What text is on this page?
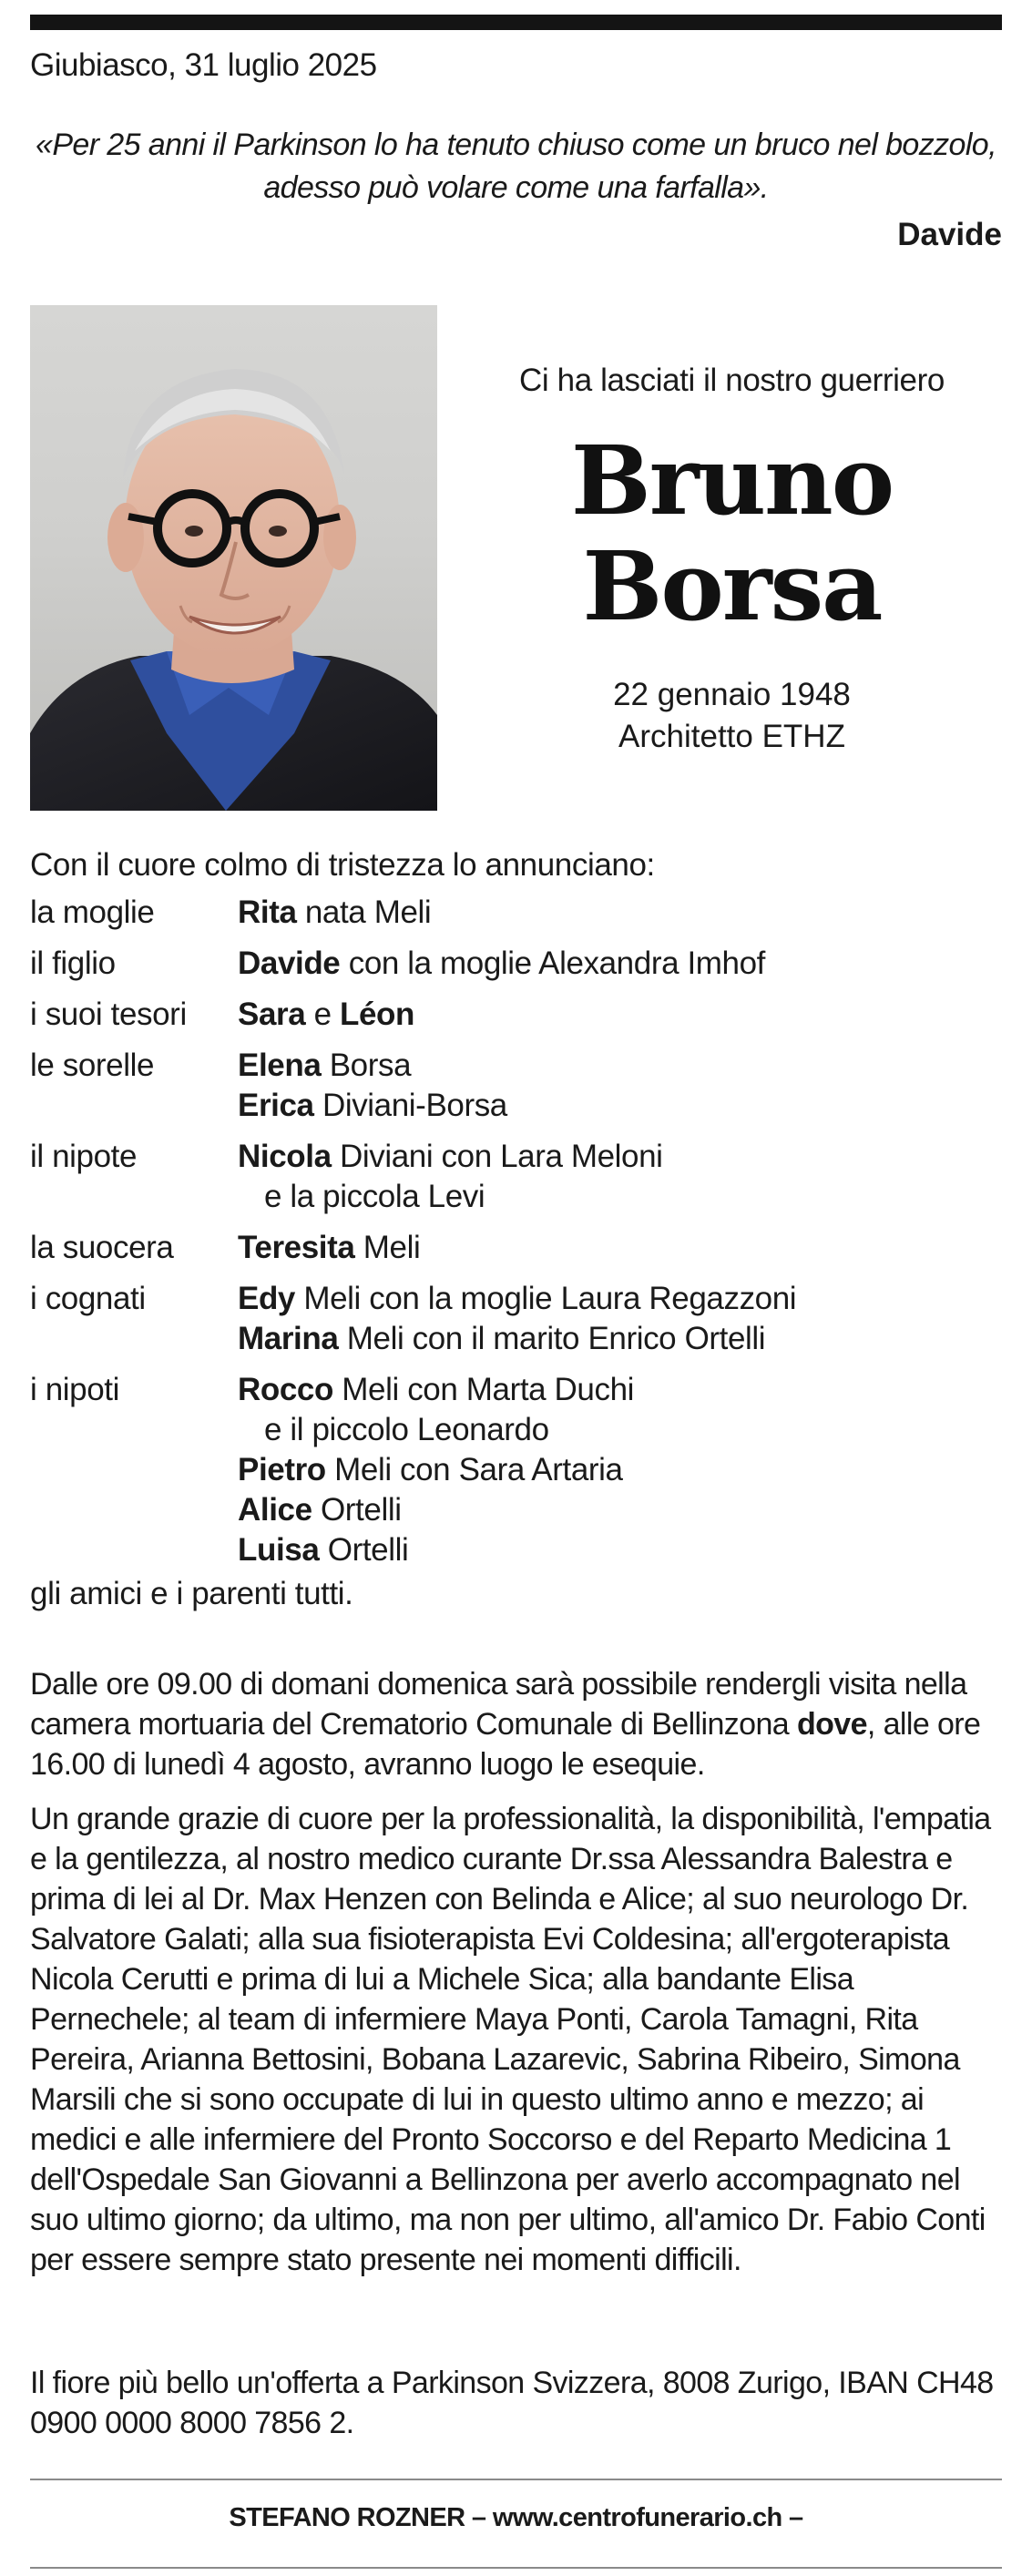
Giubiasco, 31 luglio 2025
«Per 25 anni il Parkinson lo ha tenuto chiuso come un bruco nel bozzolo,
adesso può volare come una farfalla».
Davide
Ci ha lasciati il nostro guerriero
Bruno
Borsa
22 gennaio 1948
Architetto ETHZ
Con il cuore colmo di tristezza lo annunciano:
la moglie	Rita nata Meli
il figlio	Davide con la moglie Alexandra Imhof
i suoi tesori	Sara e Léon
le sorelle	Elena Borsa
Erica Diviani-Borsa
il nipote	Nicola Diviani con Lara Meloni
e la piccola Levi
la suocera	Teresita Meli
i cognati	Edy Meli con la moglie Laura Regazzoni
Marina Meli con il marito Enrico Ortelli
i nipoti	Rocco Meli con Marta Duchi
e il piccolo Leonardo
Pietro Meli con Sara Artaria
Alice Ortelli
Luisa Ortelli
gli amici e i parenti tutti.
Dalle ore 09.00 di domani domenica sarà possibile rendergli visita nella camera mortuaria del Crematorio Comunale di Bellinzona dove, alle ore 16.00 di lunedì 4 agosto, avranno luogo le esequie.
Un grande grazie di cuore per la professionalità, la disponibilità, l'empatia e la gentilezza, al nostro medico curante Dr.ssa Alessandra Balestra e prima di lei al Dr. Max Henzen con Belinda e Alice; al suo neurologo Dr. Salvatore Galati; alla sua fisioterapista Evi Coldesina; all'ergoterapista Nicola Cerutti e prima di lui a Michele Sica; alla bandante Elisa Pernechele; al team di infermiere Maya Ponti, Carola Tamagni, Rita Pereira, Arianna Bettosini, Bobana Lazarevic, Sabrina Ribeiro, Simona Marsili che si sono occupate di lui in questo ultimo anno e mezzo; ai medici e alle infermiere del Pronto Soccorso e del Reparto Medicina 1 dell'Ospedale San Giovanni a Bellinzona per averlo accompagnato nel suo ultimo giorno; da ultimo, ma non per ultimo, all'amico Dr. Fabio Conti per essere sempre stato presente nei momenti difficili.
Il fiore più bello un'offerta a Parkinson Svizzera, 8008 Zurigo, IBAN CH48 0900 0000 8000 7856 2.
STEFANO ROZNER – www.centrofunerario.ch –
